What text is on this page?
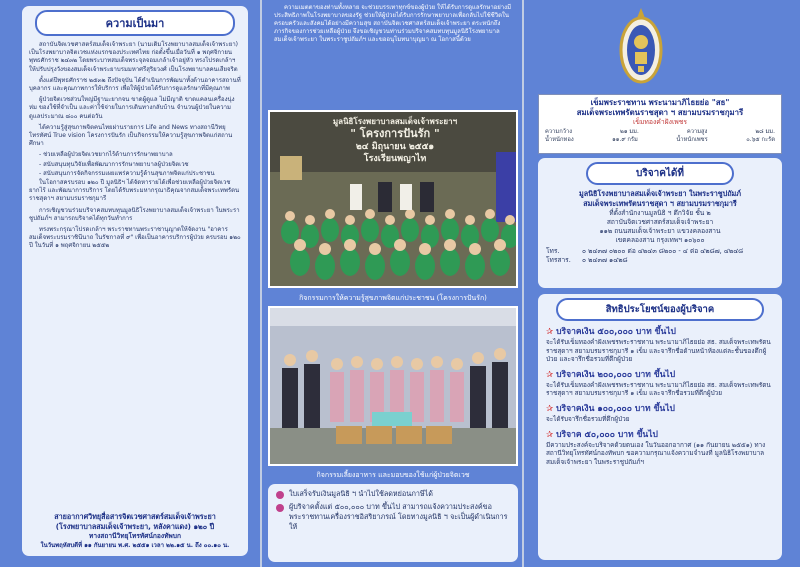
ความเป็นมา

สถาบันจิตเวชศาสตร์สมเด็จเจ้าพระยา (นามเดิมโรงพยาบาลสมเด็จเจ้าพระยา) เป็นโรงพยาบาลจิตเวชแห่งแรกของประเทศไทย ก่อตั้งขึ้นเมื่อวันที่ ๑ พฤศจิกายน พุทธศักราช ๒๔๓๒ โดยพระบาทสมเด็จพระจุลจอมเกล้าเจ้าอยู่หัว ทรงโปรดเกล้าฯ ให้ปรับปรุงวังของสมเด็จเจ้าพระยาบรมมหาศรีสุริยวงศ์ เป็นโรงพยาบาลคนเสียจริต

ตั้งแต่ปีพุทธศักราช ๒๕๓๒ ถึงปัจจุบัน ได้ดำเนินการพัฒนาทั้งด้านอาคารสถานที่ บุคลากร และคุณภาพการให้บริการ เพื่อให้ผู้ป่วยได้รับการดูแลรักษาที่มีคุณภาพ

ผู้ป่วยจิตเวชส่วนใหญ่มีฐานะยากจน ขาดผู้ดูแล ไม่มีญาติ ขาดแคลนเครื่องนุ่งห่ม ของใช้ที่จำเป็น และค่าใช้จ่ายในการเดินทางกลับบ้าน จำนวนผู้ป่วยในความดูแลประมาณ ๘๐๐ คนต่อวัน

ได้ความรู้สู่สุขภาพจิตคนไทยผ่านรายการ Life and News ทางสถานีวิทยุโทรทัศน์ True vision โครงการปันรัก เป็นกิจกรรมให้ความรู้สุขภาพจิตแก่สถานศึกษา

- ช่วยเหลือผู้ป่วยจิตเวชยากไร้ด้านการรักษาพยาบาล

- สนับสนุนทุนวิจัยเพื่อพัฒนาการรักษาพยาบาลผู้ป่วยจิตเวช

- สนับสนุนการจัดกิจกรรมเผยแพร่ความรู้ด้านสุขภาพจิตแก่ประชาชน

ในโอกาสครบรอบ ๑๒๐ ปี มูลนิธิฯ ได้จัดหารายได้เพื่อช่วยเหลือผู้ป่วยจิตเวชยากไร้ และพัฒนาการบริการ โดยได้รับพระมหากรุณาธิคุณจากสมเด็จพระเทพรัตนราชสุดาฯ สยามบรมราชกุมารี

การเชิญชวนร่วมบริจาคสมทบทุนมูลนิธิโรงพยาบาลสมเด็จเจ้าพระยา ในพระราชูปถัมภ์ฯ สามารถบริจาคได้ทุกวันทำการ

ทรงพระกรุณาโปรดเกล้าฯ พระราชทานพระราชานุญาตให้จัดงาน "อาคารสมเด็จพระบรมราชินีนาถ ในรัชกาลที่ ๙" เพื่อเป็นอาคารบริการผู้ป่วย ครบรอบ ๑๒๐ ปี ในวันที่ ๑ พฤศจิกายน ๒๕๕๒

สายอากาศวิทยุสื่อสารจิตเวชศาสตร์สมเด็จเจ้าพระยา
(โรงพยาบาลสมเด็จเจ้าพระยา, หลังคาแดง) ๑๒๐ ปี
ทางสถานีวิทยุโทรทัศน์กองทัพบก
ในวันพฤหัสบดีที่ ๑๑ กันยายน พ.ศ. ๒๕๕๑ เวลา ๒๒.๑๕ น. ถึง ๐๐.๑๐ น.
ความเมตตาของท่านทั้งหลาย จะช่วยบรรเทาทุกข์ของผู้ป่วย ให้ได้รับการดูแลรักษาอย่างมีประสิทธิภาพในโรงพยาบาลของรัฐ ช่วยให้ผู้ป่วยได้รับการรักษาพยาบาลเพื่อกลับไปใช้ชีวิตในครอบครัวและสังคมได้อย่างมีความสุข สถาบันจิตเวชศาสตร์สมเด็จเจ้าพระยา ตระหนักถึงภารกิจของการช่วยเหลือผู้ป่วย จึงขอเชิญชวนท่านร่วมบริจาคสมทบทุนมูลนิธิโรงพยาบาลสมเด็จเจ้าพระยา ในพระราชูปถัมภ์ฯ และขออนุโมทนาบุญมา ณ โอกาสนี้ด้วย
มูลนิธิโรงพยาบาลสมเด็จเจ้าพระยาฯ
" โครงการปันรัก "
๒๔ มิถุนายน ๒๕๕๑
โรงเรียนพญาไท
กิจกรรมการให้ความรู้สุขภาพจิตแก่ประชาชน (โครงการปันรัก)
กิจกรรมเลี้ยงอาหาร และมอบของใช้แก่ผู้ป่วยจิตเวช
ใบเสร็จรับเงินมูลนิธิ ฯ นำไปใช้ลดหย่อนภาษีได้
ผู้บริจาคตั้งแต่ ๕๐๐,๐๐๐ บาท ขึ้นไป สามารถแจ้งความประสงค์ขอพระราชทานเครื่องราชอิสริยาภรณ์ โดยทางมูลนิธิ ฯ จะเป็นผู้ดำเนินการให้
เข็มพระราชทาน พระนามาภิไธยย่อ "สธ"
สมเด็จพระเทพรัตนราชสุดา ฯ สยามบรมราชกุมารี
เข็มทองคำฝังเพชร
ความกว้าง	๒๑ มม.	ความสูง	๒๘ มม.
น้ำหนักทอง	๑๑.๙ กรัม	น้ำหนักเพชร	๐.๖๕ กะรัต
บริจาคได้ที่
มูลนิธิโรงพยาบาลสมเด็จเจ้าพระยา ในพระราชูปถัมภ์
สมเด็จพระเทพรัตนราชสุดา ฯ สยามบรมราชกุมารี
ที่ตั้งสำนักงานมูลนิธิ ฯ ตึกวิจัย ชั้น ๒
สถาบันจิตเวชศาสตร์สมเด็จเจ้าพระยา
๑๑๒ ถนนสมเด็จเจ้าพระยา แขวงคลองสาน
เขตคลองสาน กรุงเทพฯ ๑๐๖๐๐
โทร.	๐ ๒๔๓๗ ๐๒๐๐ ต่อ ๔๒๔๓ ๘๒๐๐ - ๔ ต่อ ๔๒๘๗, ๔๒๔๘
โทรสาร.	๐ ๒๔๓๗ ๑๔๒๘
สิทธิประโยชน์ของผู้บริจาค
✰ บริจาคเงิน ๕๐๐,๐๐๐ บาท ขึ้นไป
จะได้รับเข็มทองคำฝังเพชรพระราชทาน พระนามาภิไธยย่อ สธ. สมเด็จพระเทพรัตนราชสุดาฯ สยามบรมราชกุมารี ๑ เข็ม และจารึกชื่อด้านหน้าห้องแต่ละชั้นของตึกผู้ป่วย และจารึกชื่อรวมที่ตึกผู้ป่วย
✰ บริจาคเงิน ๒๐๐,๐๐๐ บาท ขึ้นไป
จะได้รับเข็มทองคำฝังเพชรพระราชทาน พระนามาภิไธยย่อ สธ. สมเด็จพระเทพรัตนราชสุดาฯ สยามบรมราชกุมารี ๑ เข็ม และจารึกชื่อรวมที่ตึกผู้ป่วย
✰ บริจาคเงิน ๑๐๐,๐๐๐ บาท ขึ้นไป
จะได้รับจารึกชื่อรวมที่ตึกผู้ป่วย
✰ บริจาค ๕๐,๐๐๐ บาท ขึ้นไป
มีความประสงค์จะบริจาคด้วยตนเอง ในวันออกอากาศ (๑๑ กันยายน ๒๕๕๑) ทางสถานีวิทยุโทรทัศน์กองทัพบก ขอความกรุณาแจ้งความจำนงที่ มูลนิธิโรงพยาบาลสมเด็จเจ้าพระยา ในพระราชูปถัมภ์ฯ
